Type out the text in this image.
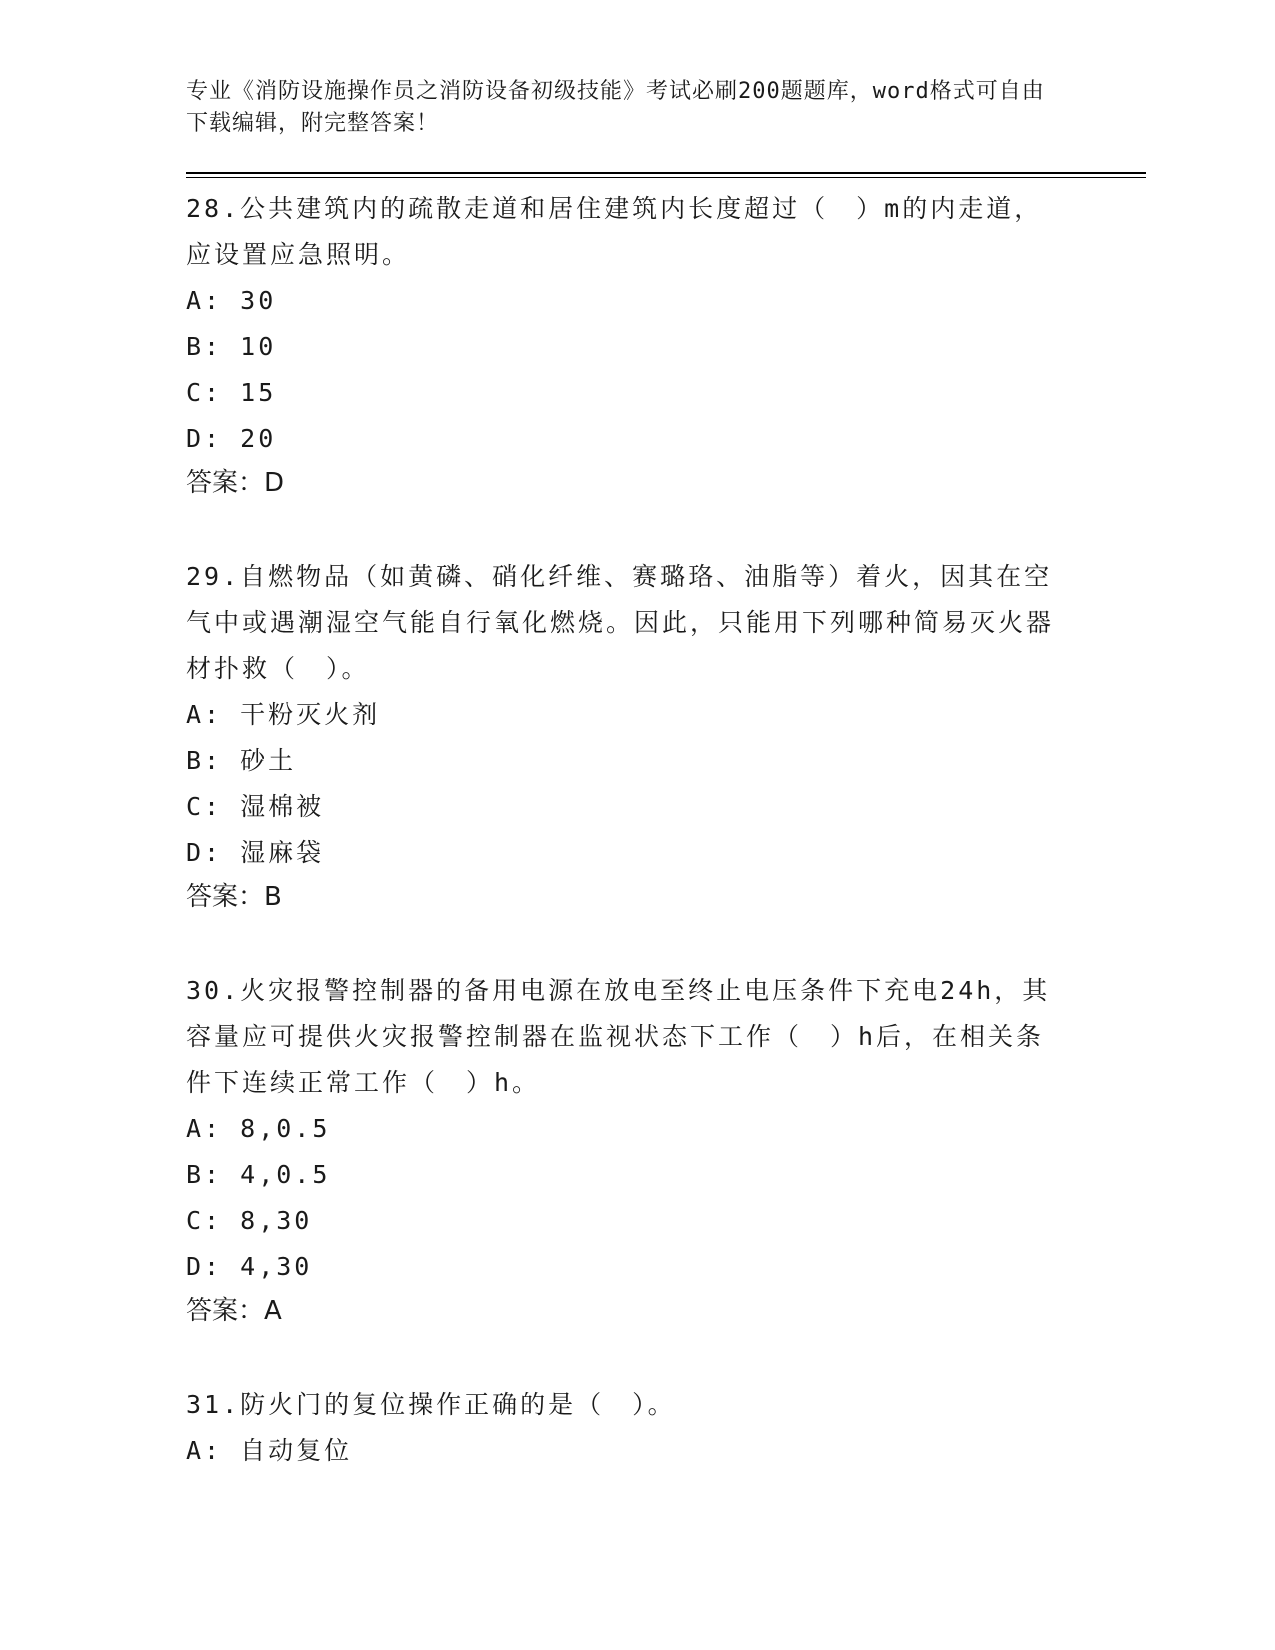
专业《消防设施操作员之消防设备初级技能》考试必刷200题题库，word格式可自由下载编辑，附完整答案！
28.公共建筑内的疏散走道和居住建筑内长度超过（　）m的内走道，应设置应急照明。
A: 30
B: 10
C: 15
D: 20
答案：D
29.自燃物品（如黄磷、硝化纤维、赛璐珞、油脂等）着火，因其在空气中或遇潮湿空气能自行氧化燃烧。因此，只能用下列哪种简易灭火器材扑救（　）。
A: 干粉灭火剂
B: 砂土
C: 湿棉被
D: 湿麻袋
答案：B
30.火灾报警控制器的备用电源在放电至终止电压条件下充电24h，其容量应可提供火灾报警控制器在监视状态下工作（　）h后，在相关条件下连续正常工作（　）h。
A: 8,0.5
B: 4,0.5
C: 8,30
D: 4,30
答案：A
31.防火门的复位操作正确的是（　）。
A: 自动复位
